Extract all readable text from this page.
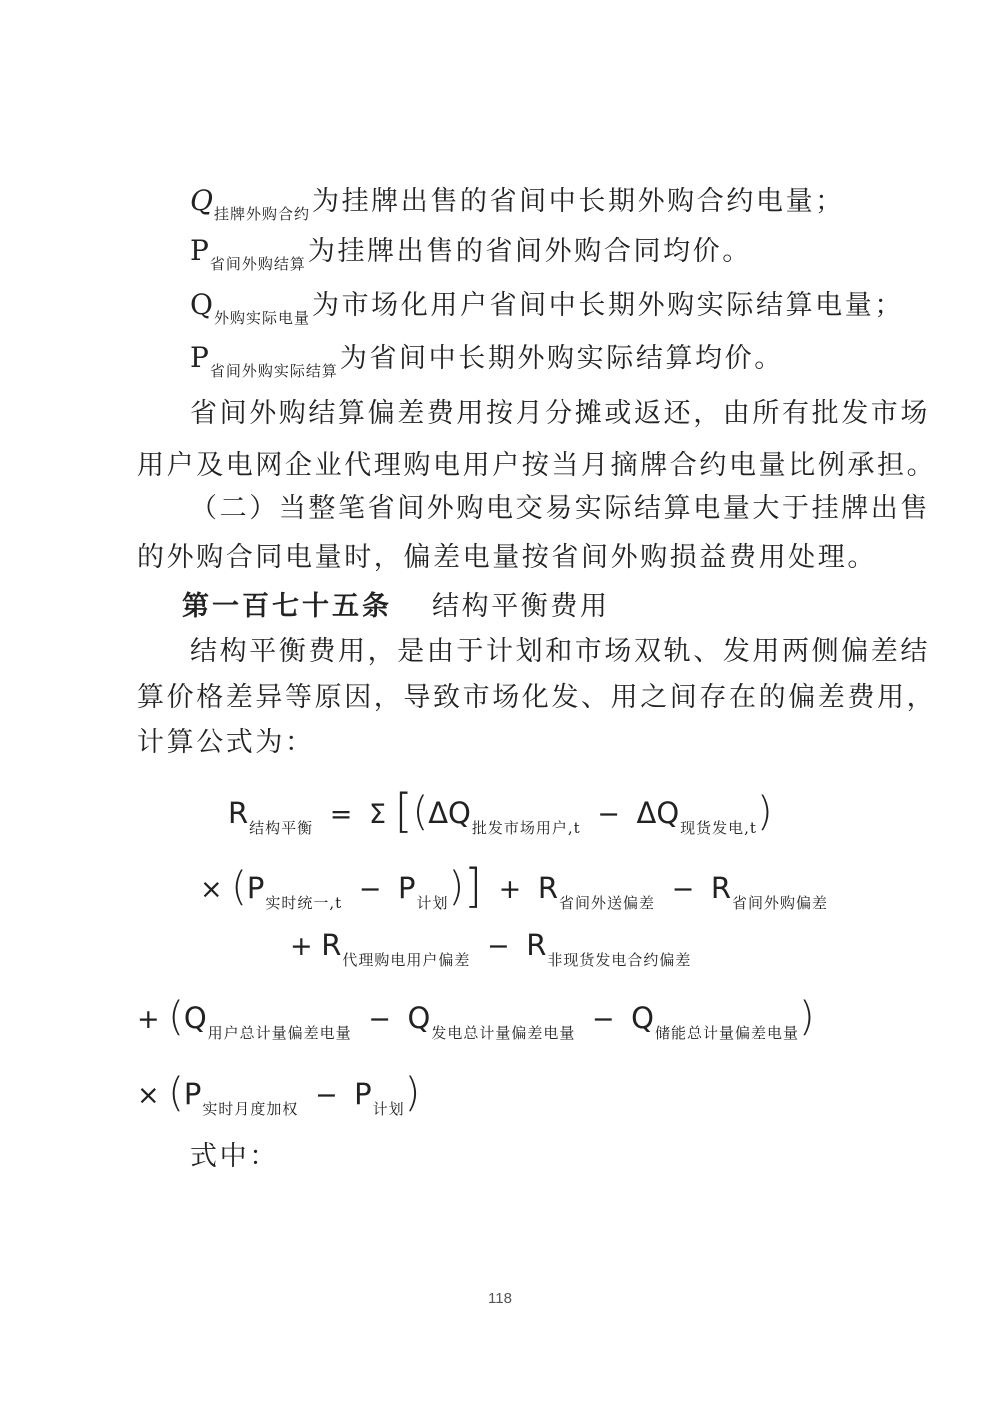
$Q_{挂牌外购合约}$为挂牌出售的省间中长期外购合约电量；
$P_{省间外购结算}$为挂牌出售的省间外购合同均价。
$Q_{外购实际电量}$为市场化用户省间中长期外购实际结算电量；
$P_{省间外购实际结算}$为省间中长期外购实际结算均价。
省间外购结算偏差费用按月分摊或返还，由所有批发市场
用户及电网企业代理购电用户按当月摘牌合约电量比例承担。
（二）当整笔省间外购电交易实际结算电量大于挂牌出售
的外购合同电量时，偏差电量按省间外购损益费用处理。
第一百七十五条 结构平衡费用
结构平衡费用，是由于计划和市场双轨、发用两侧偏差结
算价格差异等原因，导致市场化发、用之间存在的偏差费用，
计算公式为：
$R_{结构平衡} = \Sigma$ [$(\Delta Q_{批发市场用户,t} - \Delta Q_{现货发电,t})$
× $(P_{实时统一,t} - P_{计划})] + R_{省间外送偏差} - R_{省间外购偏差}$
+ $R_{代理购电用户偏差} - R_{非现货发电合约偏差}$
+ $(Q_{用户总计量偏差电量} - Q_{发电总计量偏差电量} - Q_{储能总计量偏差电量})$
× $(P_{实时月度加权} - P_{计划})$
式中：
118
